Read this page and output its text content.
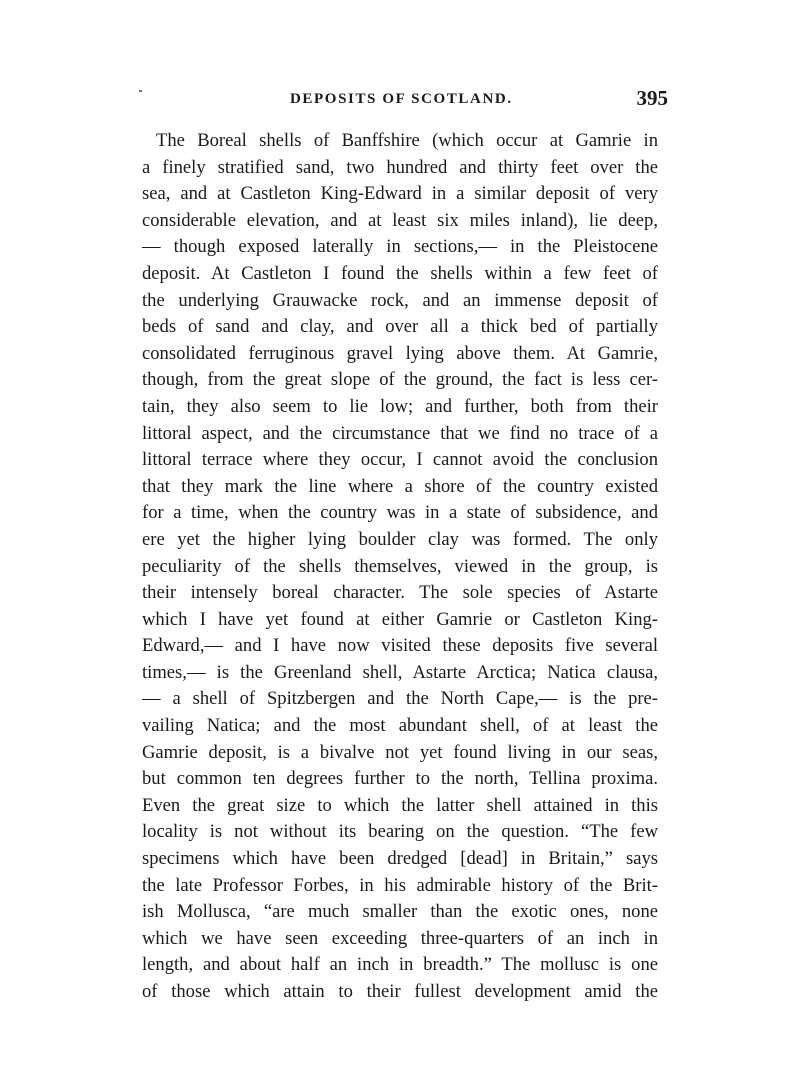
DEPOSITS OF SCOTLAND.	395
The Boreal shells of Banffshire (which occur at Gamrie in
a finely stratified sand, two hundred and thirty feet over the
sea, and at Castleton King-Edward in a similar deposit of very
considerable elevation, and at least six miles inland), lie deep,
— though exposed laterally in sections,— in the Pleistocene
deposit. At Castleton I found the shells within a few feet of
the underlying Grauwacke rock, and an immense deposit of
beds of sand and clay, and over all a thick bed of partially
consolidated ferruginous gravel lying above them. At Gamrie,
though, from the great slope of the ground, the fact is less cer-
tain, they also seem to lie low; and further, both from their
littoral aspect, and the circumstance that we find no trace of a
littoral terrace where they occur, I cannot avoid the conclusion
that they mark the line where a shore of the country existed
for a time, when the country was in a state of subsidence, and
ere yet the higher lying boulder clay was formed. The only
peculiarity of the shells themselves, viewed in the group, is
their intensely boreal character. The sole species of Astarte
which I have yet found at either Gamrie or Castleton King-
Edward,— and I have now visited these deposits five several
times,— is the Greenland shell, Astarte Arctica; Natica clausa,
— a shell of Spitzbergen and the North Cape,— is the pre-
vailing Natica; and the most abundant shell, of at least the
Gamrie deposit, is a bivalve not yet found living in our seas,
but common ten degrees further to the north, Tellina proxima.
Even the great size to which the latter shell attained in this
locality is not without its bearing on the question. “The few
specimens which have been dredged [dead] in Britain,” says
the late Professor Forbes, in his admirable history of the Brit-
ish Mollusca, “are much smaller than the exotic ones, none
which we have seen exceeding three-quarters of an inch in
length, and about half an inch in breadth.” The mollusc is one
of those which attain to their fullest development amid the
